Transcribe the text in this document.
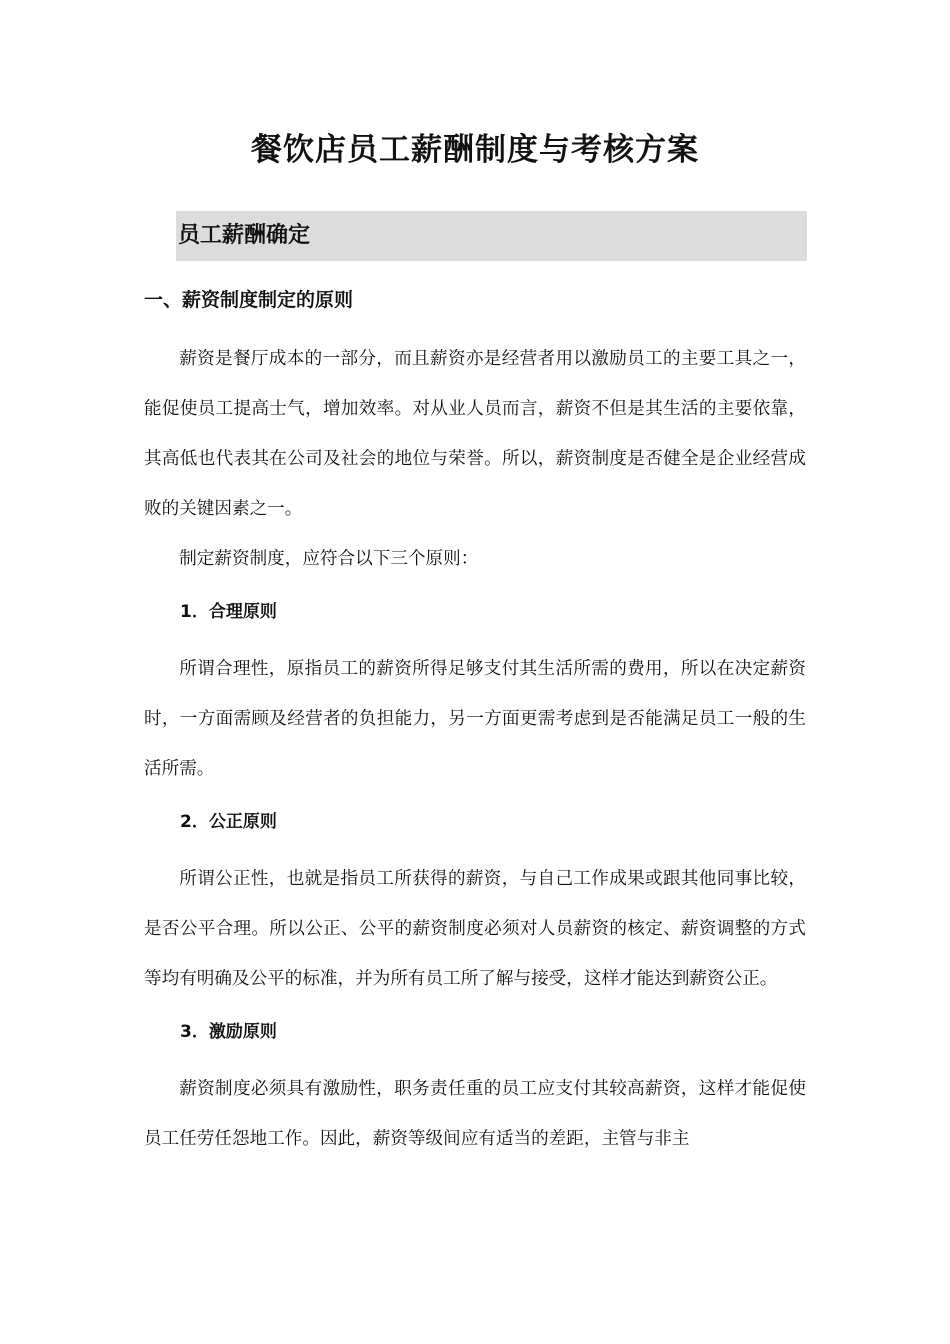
餐饮店员工薪酬制度与考核方案
员工薪酬确定
一、薪资制度制定的原则

薪资是餐厅成本的一部分，而且薪资亦是经营者用以激励员工的主要工具之一，能促使员工提高士气，增加效率。对从业人员而言，薪资不但是其生活的主要依靠，其高低也代表其在公司及社会的地位与荣誉。所以，薪资制度是否健全是企业经营成败的关键因素之一。

制定薪资制度，应符合以下三个原则：

1．合理原则

所谓合理性，原指员工的薪资所得足够支付其生活所需的费用，所以在决定薪资时，一方面需顾及经营者的负担能力，另一方面更需考虑到是否能满足员工一般的生活所需。

2．公正原则

所谓公正性，也就是指员工所获得的薪资，与自己工作成果或跟其他同事比较，是否公平合理。所以公正、公平的薪资制度必须对人员薪资的核定、薪资调整的方式等均有明确及公平的标准，并为所有员工所了解与接受，这样才能达到薪资公正。

3．激励原则

薪资制度必须具有激励性，职务责任重的员工应支付其较高薪资，这样才能促使员工任劳任怨地工作。因此，薪资等级间应有适当的差距，主管与非主
